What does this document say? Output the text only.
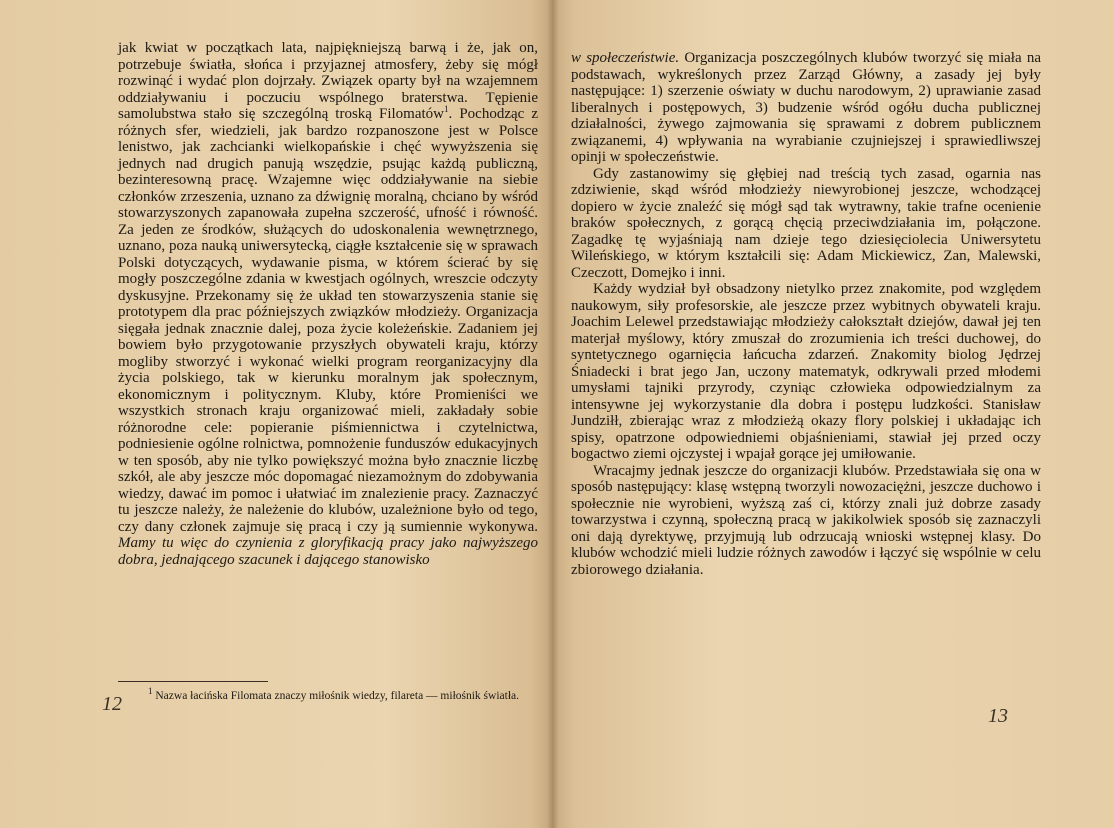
jak kwiat w początkach lata, najpiękniejszą barwą i że, jak on, potrzebuje światła, słońca i przyjaznej atmosfery, żeby się mógł rozwinąć i wydać plon dojrzały. Związek oparty był na wzajemnem oddziaływaniu i poczuciu wspólnego braterstwa. Tępienie samolubstwa stało się szczególną troską Filomatów$^1$. Pochodząc z różnych sfer, wiedzieli, jak bardzo rozpanoszone jest w Polsce lenistwo, jak zachcianki wielkopańskie i chęć wywyższenia się jednych nad drugich panują wszędzie, psując każdą publiczną, bezinteresowną pracę. Wzajemne więc oddziaływanie na siebie członków zrzeszenia, uznano za dźwignię moralną, chciano by wśród stowarzyszonych zapanowała zupełna szczerość, ufność i równość. Za jeden ze środków, służących do udoskonalenia wewnętrznego, uznano, poza nauką uniwersytecką, ciągłe kształcenie się w sprawach Polski dotyczących, wydawanie pisma, w którem ścierać by się mogły poszczególne zdania w kwestjach ogólnych, wreszcie odczyty dyskusyjne. Przekonamy się że układ ten stowarzyszenia stanie się prototypem dla prac późniejszych związków młodzieży. Organizacja sięgała jednak znacznie dalej, poza życie koleżeńskie. Zadaniem jej bowiem było przygotowanie przyszłych obywateli kraju, którzy mogliby stworzyć i wykonać wielki program reorganizacyjny dla życia polskiego, tak w kierunku moralnym jak społecznym, ekonomicznym i politycznym. Kluby, które Promieniści we wszystkich stronach kraju organizować mieli, zakładały sobie różnorodne cele: popieranie piśmiennictwa i czytelnictwa, podniesienie ogólne rolnictwa, pomnożenie funduszów edukacyjnych w ten sposób, aby nie tylko powiększyć można było znacznie liczbę szkół, ale aby jeszcze móc dopomagać niezamożnym do zdobywania wiedzy, dawać im pomoc i ułatwiać im znalezienie pracy. Zaznaczyć tu jeszcze należy, że należenie do klubów, uzależnione było od tego, czy dany członek zajmuje się pracą i czy ją sumiennie wykonywa. Mamy tu więc do czynienia z gloryfikacją pracy jako najwyższego dobra, jednającego szacunek i dającego stanowisko

$^1$ Nazwa łacińska Filomata znaczy miłośnik wiedzy, filareta — miłośnik światła.
12

w społeczeństwie. Organizacja poszczególnych klubów tworzyć się miała na podstawach, wykreślonych przez Zarząd Główny, a zasady jej były następujące: 1) szerzenie oświaty w duchu narodowym, 2) uprawianie zasad liberalnych i postępowych, 3) budzenie wśród ogółu ducha publicznej działalności, żywego zajmowania się sprawami z dobrem publicznem związanemi, 4) wpływania na wyrabianie czujniejszej i sprawiedliwszej opinji w społeczeństwie.

Gdy zastanowimy się głębiej nad treścią tych zasad, ogarnia nas zdziwienie, skąd wśród młodzieży niewyrobionej jeszcze, wchodzącej dopiero w życie znaleźć się mógł sąd tak wytrawny, takie trafne ocenienie braków społecznych, z gorącą chęcią przeciwdziałania im, połączone. Zagadkę tę wyjaśniają nam dzieje tego dziesięciolecia Uniwersytetu Wileńskiego, w którym kształcili się: Adam Mickiewicz, Zan, Malewski, Czeczott, Domejko i inni.

Każdy wydział był obsadzony nietylko przez znakomite, pod względem naukowym, siły profesorskie, ale jeszcze przez wybitnych obywateli kraju. Joachim Lelewel przedstawiając młodzieży całokształt dziejów, dawał jej ten materjał myślowy, który zmuszał do zrozumienia ich treści duchowej, do syntetycznego ogarnięcia łańcucha zdarzeń. Znakomity biolog Jędrzej Śniadecki i brat jego Jan, uczony matematyk, odkrywali przed młodemi umysłami tajniki przyrody, czyniąc człowieka odpowiedzialnym za intensywne jej wykorzystanie dla dobra i postępu ludzkości. Stanisław Jundziłł, zbierając wraz z młodzieżą okazy flory polskiej i układając ich spisy, opatrzone odpowiedniemi objaśnieniami, stawiał jej przed oczy bogactwo ziemi ojczystej i wpajał gorące jej umiłowanie.

Wracajmy jednak jeszcze do organizacji klubów. Przedstawiała się ona w sposób następujący: klasę wstępną tworzyli nowozaciężni, jeszcze duchowo i społecznie nie wyrobieni, wyższą zaś ci, którzy znali już dobrze zasady towarzystwa i czynną, społeczną pracą w jakikolwiek sposób się zaznaczyli oni dają dyrektywę, przyjmują lub odrzucają wnioski wstępnej klasy. Do klubów wchodzić mieli ludzie różnych zawodów i łączyć się wspólnie w celu zbiorowego działania.

13
